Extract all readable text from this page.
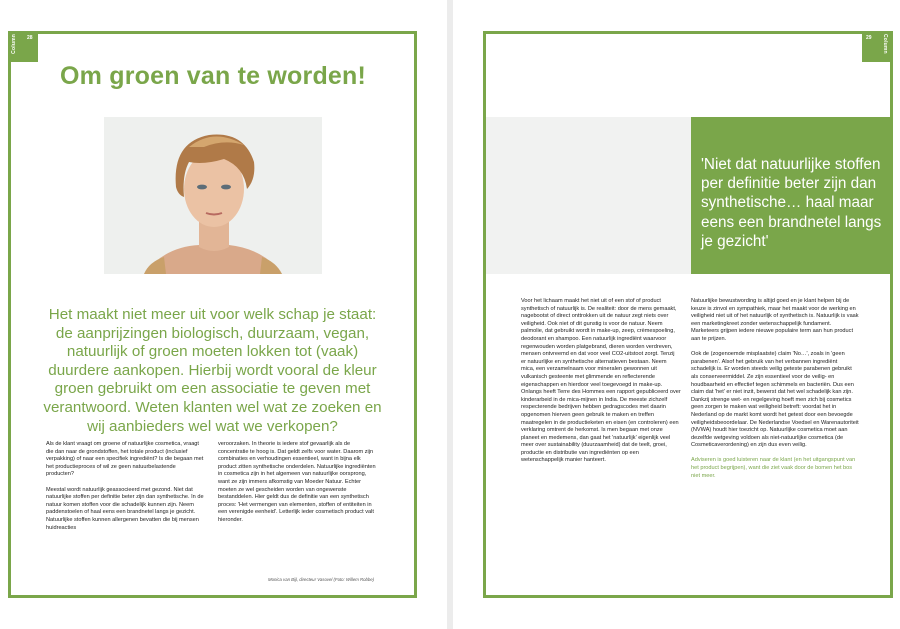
Column 28
Om groen van te worden!
Het maakt niet meer uit voor welk schap je staat: de aanprijzingen biologisch, duurzaam, vegan, natuurlijk of groen moeten lokken tot (vaak) duurdere aankopen. Hierbij wordt vooral de kleur groen gebruikt om een associatie te geven met verantwoord. Weten klanten wel wat ze zoeken en wij aanbieders wel wat we verkopen?

Als de klant vraagt om groene of natuurlijke cosmetica, vraagt die dan naar de grondstoffen, het totale product (inclusief verpakking) of naar een specifiek ingrediënt? Is die begaan met het productieproces of wil ze geen natuurbelastende producten?

Meestal wordt natuurlijk geassocieerd met gezond. Niet dat natuurlijke stoffen per definitie beter zijn dan synthetische. In de natuur komen stoffen voor die schadelijk kunnen zijn. Neem paddenstoelen of haal eens een brandnetel langs je gezicht. Natuurlijke stoffen kunnen allergenen bevatten die bij mensen huidreacties

veroorzaken. In theorie is iedere stof gevaarlijk als de concentratie te hoog is. Dat geldt zelfs voor water. Daarom zijn combinaties en verhoudingen essentieel, want in bijna elk product zitten synthetische onderdelen. Natuurlijke ingrediënten in cosmetica zijn in het algemeen van natuurlijke oorsprong, want ze zijn immers afkomstig van Moeder Natuur. Echter moeten ze wel gescheiden worden van ongewenste bestanddelen. Hier geldt dus de definitie van een synthetisch proces: 'Het vermengen van elementen, stoffen of entiteiten in een verenigde eenheid'. Letterlijk ieder cosmetisch product valt hieronder.

Monica van Bijl, directeur Vasovel (Foto: Willem Robbe)
29 Column
'Niet dat natuurlijke stoffen per definitie beter zijn dan synthetische… haal maar eens een brandnetel langs je gezicht'

Voor het lichaam maakt het niet uit of een stof of product synthetisch of natuurlijk is. De realiteit: door de mens gemaakt, nagebootst of direct onttrokken uit de natuur zegt niets over veiligheid. Ook niet of dit gunstig is voor de natuur. Neem palmolie, dat gebruikt wordt in make-up, zeep, crèmespoeling, deodorant en shampoo. Een natuurlijk ingrediënt waarvoor regenwouden worden platgebrand, dieren worden verdreven, mensen ontvreemd en dat voor veel CO2-uitstoot zorgt. Tenzij er natuurlijke en synthetische alternatieven bestaan. Neem mica, een verzamelnaam voor mineralen gewonnen uit vulkanisch gesteente met glimmende en reflecterende eigenschappen en hierdoor veel toegevoegd in make-up. Onlangs heeft Terre des Hommes een rapport gepubliceerd over kinderarbeid in de mica-mijnen in India. De meeste zichzelf respecterende bedrijven hebben gedragscodes met daarin opgenomen hierven geen gebruik te maken en treffen maatregelen in de productieketen en eisen (en controleren) een verklaring omtrent de herkomst. Is men begaan met onze planeet en medemens, dan gaat het 'natuurlijk' eigenlijk veel meer over sustainability (duurzaamheid) dat de teelt, groei, productie en distributie van ingrediënten op een wetenschappelijk manier hanteert.

Natuurlijke bewustwording is altijd goed en je klant helpen bij de keuze is zinvol en sympathiek, maar het maakt voor de werking en veiligheid niet uit of het natuurlijk of synthetisch is. Natuurlijk is vaak een marketingkreet zonder wetenschappelijk fundament. Marketeers grijpen iedere nieuwe populaire term aan hun product aan te prijzen.

Ook de (zogenoemde misplaatste) claim 'No…', zoals in 'geen parabenen'. Alsof het gebruik van het verbannen ingrediënt schadelijk is. Er worden steeds veilig geteste parabenen gebruikt als conserveermiddel. Ze zijn essentieel voor de veilig- en houdbaarheid en effectief tegen schimmels en bacteriën. Dus een claim dat 'het' er niet inzit, bewerst dat het wel schadelijk kan zijn. Dankzij strenge wet- en regelgeving hoeft men zich bij cosmetics geen zorgen te maken wat veiligheid betreft: voordat het in Nederland op de markt komt wordt het getest door een bevoegde veiligheidsbeoordelaar. De Nederlandse Voedsel en Warenautoriteit (NVWA) houdt hier toezicht op. Natuurlijke cosmetica moet aan dezelfde wetgeving voldoen als niet-natuurlijke cosmetica (de Cosmeticaverordening) en zijn dus even veilig.

Adviseren is goed luisteren naar de klant (en het uitgangspunt van het product begrijpen), want die ziet vaak door de bomen het bos niet meer.
